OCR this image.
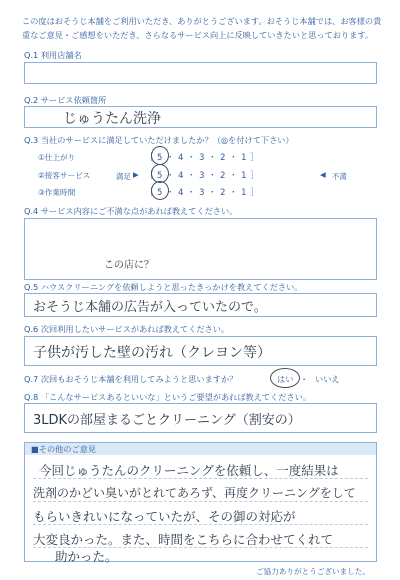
この度はおそうじ本舗をご利用いただき、ありがとうございます。おそうじ本舗では、お客様の貴重なご意見・ご感想をいただき、さらなるサービス向上に反映していきたいと思っております。
Q.1 利用店舗名
Q.2 サービス依頼箇所
じゅうたん洗浄
Q.3 当社のサービスに満足していただけましたか？（◎を付けて下さい）
①仕上がり	［ 5 ・ 4 ・ 3 ・ 2 ・ 1 ］
②接客サービス	満足 ▶ ［ 5 ・ 4 ・ 3 ・ 2 ・ 1 ］	◀ 不満
③作業時間	［ 5 ・ 4 ・ 3 ・ 2 ・ 1 ］
Q.4 サービス内容にご不満な点があれば教えてください。
この店に？
Q.5 ハウスクリーニングを依頼しようと思ったきっかけを教えてください。
おそうじ本舗の広告が入っていたので。
Q.6 次回利用したいサービスがあれば教えてください。
子供が汚した壁の汚れ（クレヨン等）
Q.7 次回もおそうじ本舗を利用してみようと思いますか？	はい ・ いいえ
Q.8 「こんなサービスあるといいな」というご要望があれば教えてください。
3LDKの部屋まるごとクリーニング（割安の）
■その他のご意見
今回じゅうたんのクリーニングを依頼し、一度結果は
洗剤のかどい臭いがとれてあろず、再度クリーニングをして
もらいきれいになっていたが、その御の対応が
大変良かった。また、時間をこちらに合わせてくれて
助かった。
ご協力ありがとうございました。
